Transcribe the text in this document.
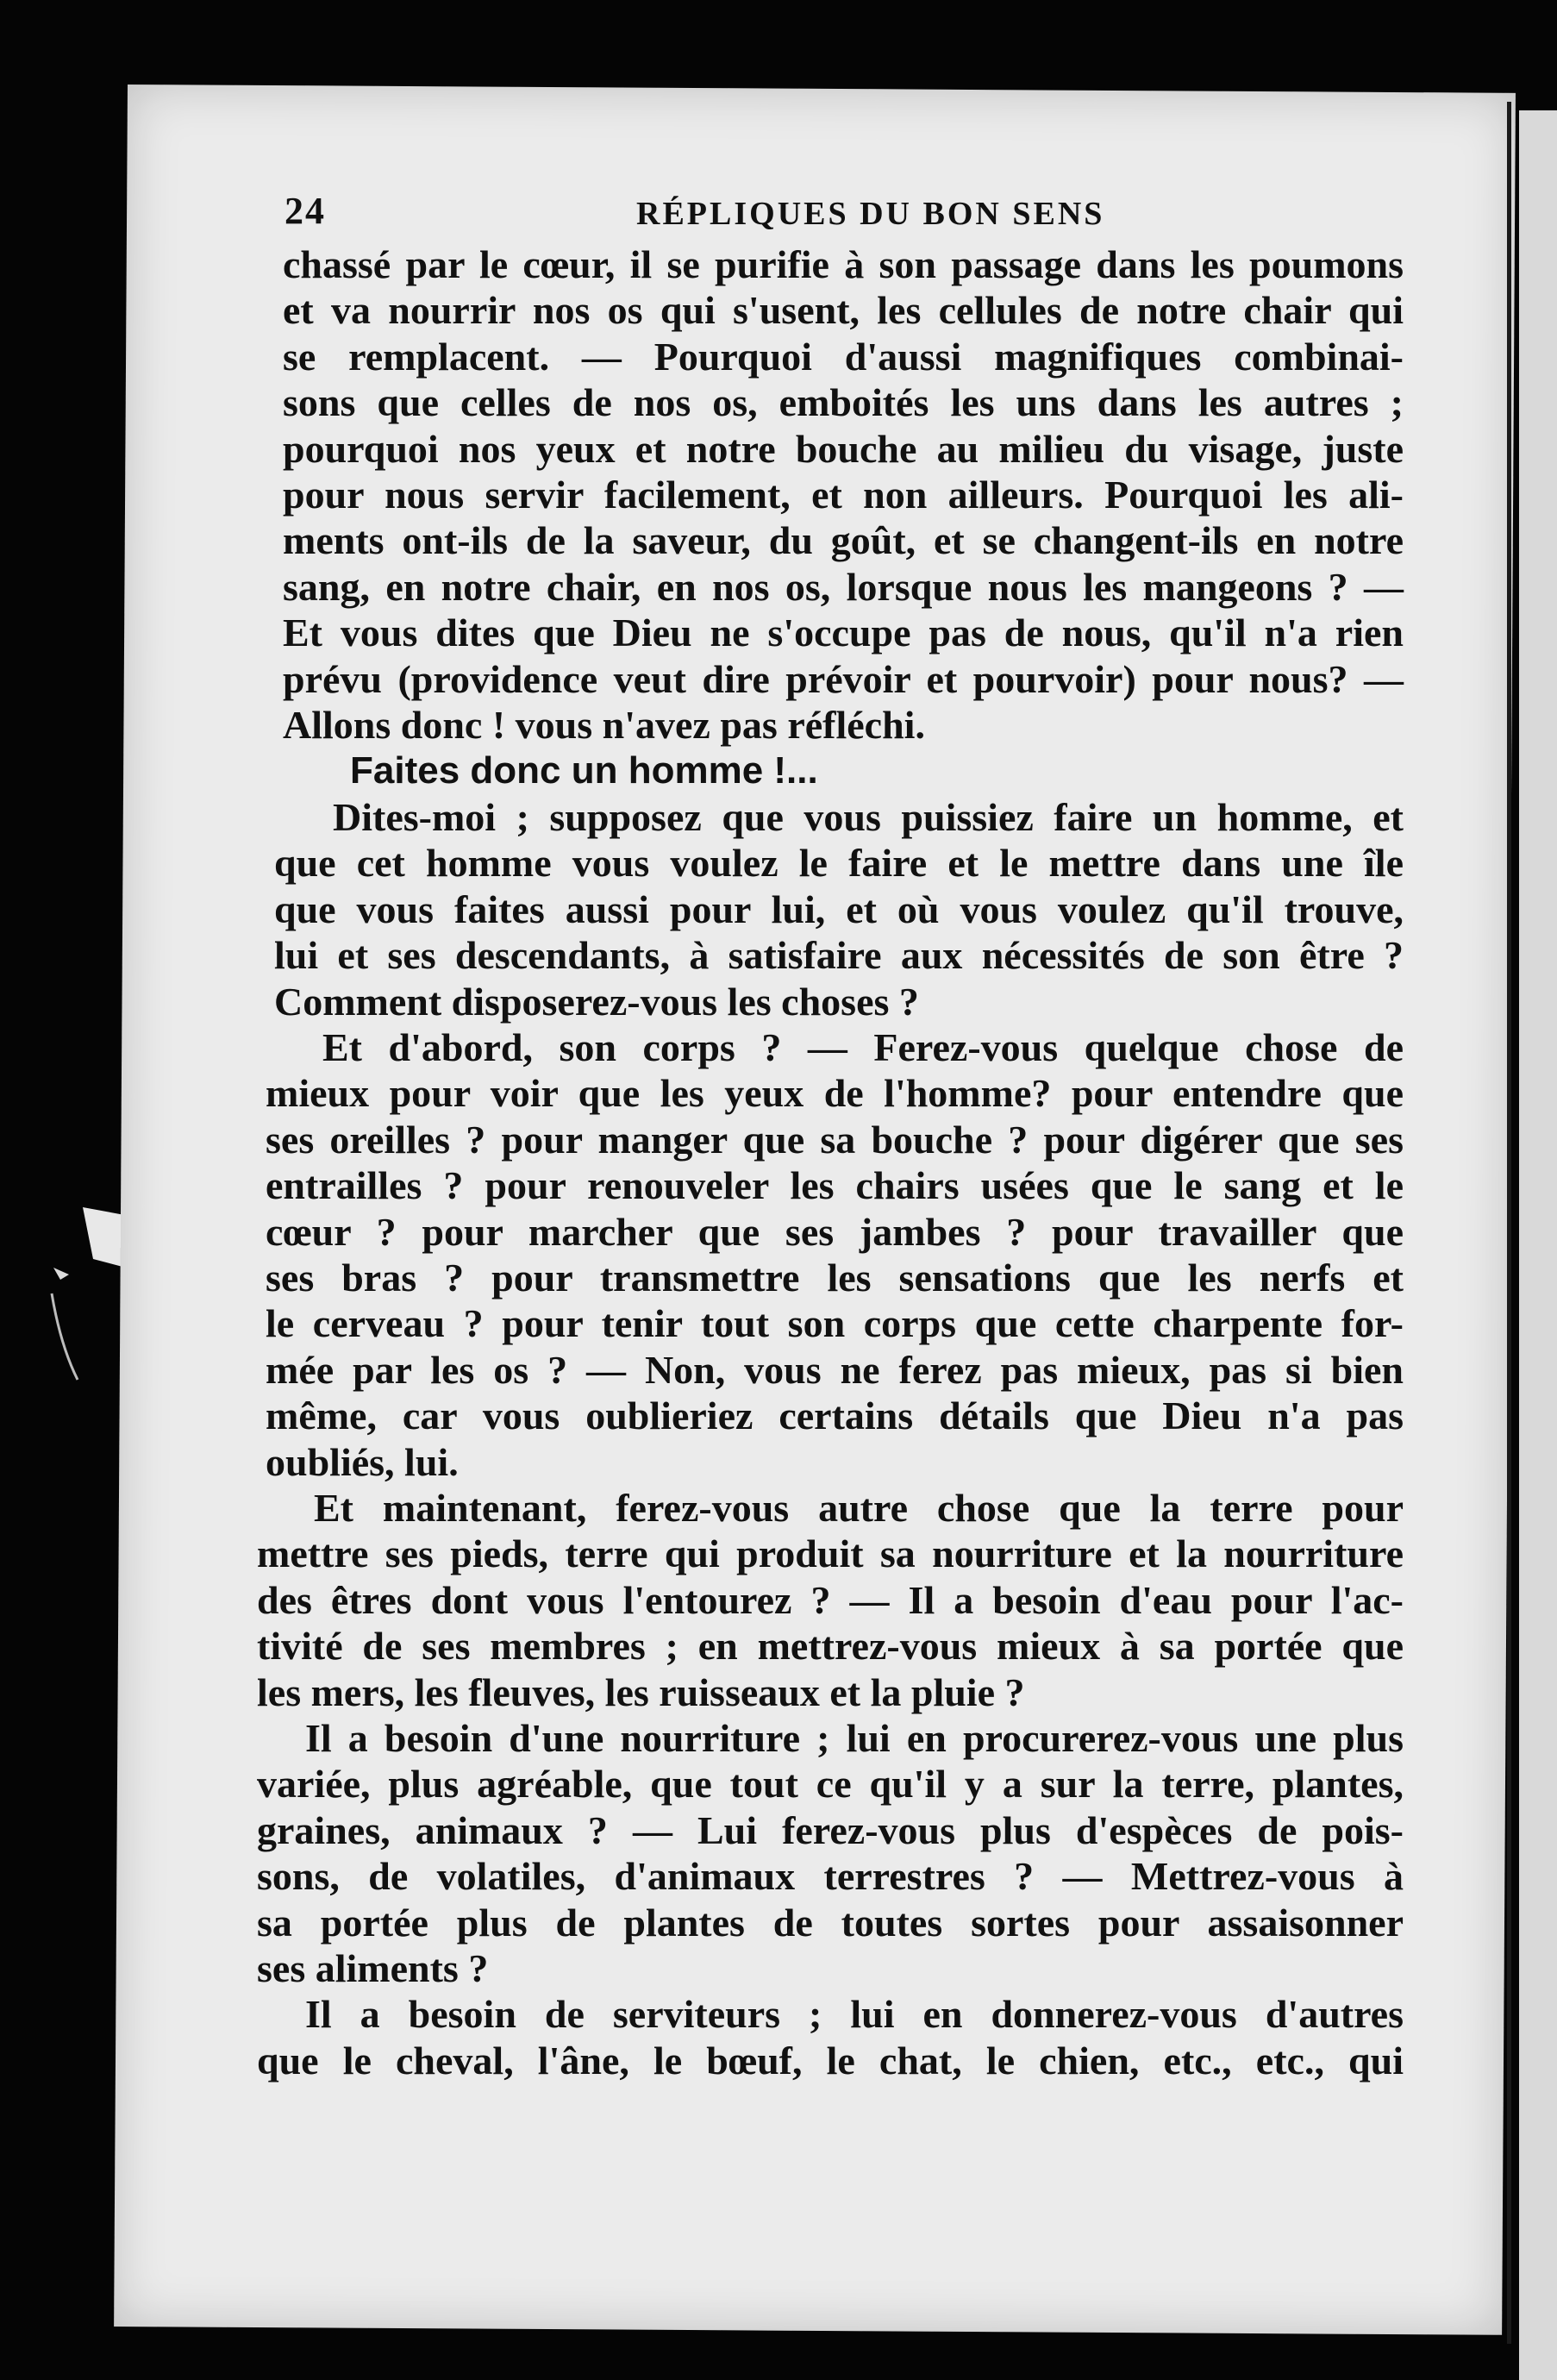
24	RÉPLIQUES DU BON SENS
chassé par le cœur, il se purifie à son passage dans les poumons
et va nourrir nos os qui s'usent, les cellules de notre chair qui
se remplacent. — Pourquoi d'aussi magnifiques combinai-
sons que celles de nos os, emboités les uns dans les autres ;
pourquoi nos yeux et notre bouche au milieu du visage, juste
pour nous servir facilement, et non ailleurs. Pourquoi les ali-
ments ont-ils de la saveur, du goût, et se changent-ils en notre
sang, en notre chair, en nos os, lorsque nous les mangeons ? —
Et vous dites que Dieu ne s'occupe pas de nous, qu'il n'a rien
prévu (providence veut dire prévoir et pourvoir) pour nous? —
Allons donc ! vous n'avez pas réfléchi.
Faites donc un homme !...
Dites-moi ; supposez que vous puissiez faire un homme, et
que cet homme vous voulez le faire et le mettre dans une île
que vous faites aussi pour lui, et où vous voulez qu'il trouve,
lui et ses descendants, à satisfaire aux nécessités de son être ?
Comment disposerez-vous les choses ?
Et d'abord, son corps ? — Ferez-vous quelque chose de
mieux pour voir que les yeux de l'homme? pour entendre que
ses oreilles ? pour manger que sa bouche ? pour digérer que ses
entrailles ? pour renouveler les chairs usées que le sang et le
cœur ? pour marcher que ses jambes ? pour travailler que
ses bras ? pour transmettre les sensations que les nerfs et
le cerveau ? pour tenir tout son corps que cette charpente for-
mée par les os ? — Non, vous ne ferez pas mieux, pas si bien
même, car vous oublieriez certains détails que Dieu n'a pas
oubliés, lui.
Et maintenant, ferez-vous autre chose que la terre pour
mettre ses pieds, terre qui produit sa nourriture et la nourriture
des êtres dont vous l'entourez ? — Il a besoin d'eau pour l'ac-
tivité de ses membres ; en mettrez-vous mieux à sa portée que
les mers, les fleuves, les ruisseaux et la pluie ?
Il a besoin d'une nourriture ; lui en procurerez-vous une plus
variée, plus agréable, que tout ce qu'il y a sur la terre, plantes,
graines, animaux ? — Lui ferez-vous plus d'espèces de pois-
sons, de volatiles, d'animaux terrestres ? — Mettrez-vous à
sa portée plus de plantes de toutes sortes pour assaisonner
ses aliments ?
Il a besoin de serviteurs ; lui en donnerez-vous d'autres
que le cheval, l'âne, le bœuf, le chat, le chien, etc., etc., qui
